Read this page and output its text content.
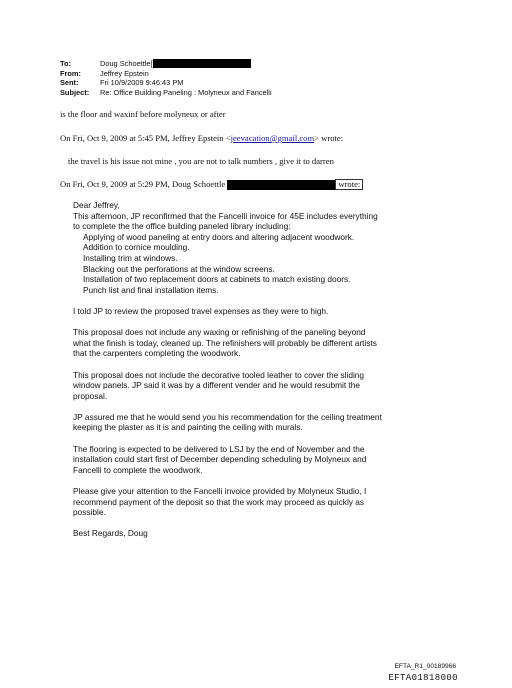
To:	Doug Schoettle[
From:	Jeffrey Epstein
Sent:	Fri 10/9/2009 9:46:43 PM
Subject:	Re: Office Building Paneling : Molyneux and Fancelli
is the floor and waxinf before molyneux or after
On Fri, Oct 9, 2009 at 5:45 PM, Jeffrey Epstein <jeevacation@gmail.com> wrote:
the travel is his issue not mine , you are not to talk numbers , give it to darren
On Fri, Oct 9, 2009 at 5:29 PM, Doug Schoettle	wrote:
Dear Jeffrey,
This afternoon, JP reconfirmed that the Fancelli invoice for 45E includes everything
to complete the the office building paneled library including:
Applying of wood paneling at entry doors and altering adjacent woodwork.
Addition to cornice moulding.
Installing trim at windows.
Blacking out the perforations at the window screens.
Installation of two replacement doors at cabinets to match existing doors.
Punch list and final installation items.

I told JP to review the proposed travel expenses as they were to high.

This proposal does not include any waxing or refinishing of the paneling beyond
what the finish is today, cleaned up. The refinishers will probably be different artists
that the carpenters completing the woodwork.

This proposal does not include the decorative tooled leather to cover the sliding
window panels. JP said it was by a different vender and he would resubmit the
proposal.

JP assured me that he would send you his recommendation for the ceiling treatment
keeping the plaster as it is and painting the ceiling with murals.

The flooring is expected to be delivered to LSJ by the end of November and the
installation could start first of December depending scheduling by Molyneux and
Fancelli to complete the woodwork.

Please give your attention to the Fancelli invoice provided by Molyneux Studio, I
recommend payment of the deposit so that the work may proceed as quickly as
possible.

Best Regards, Doug
EFTA_R1_00189966
EFTA01818000
